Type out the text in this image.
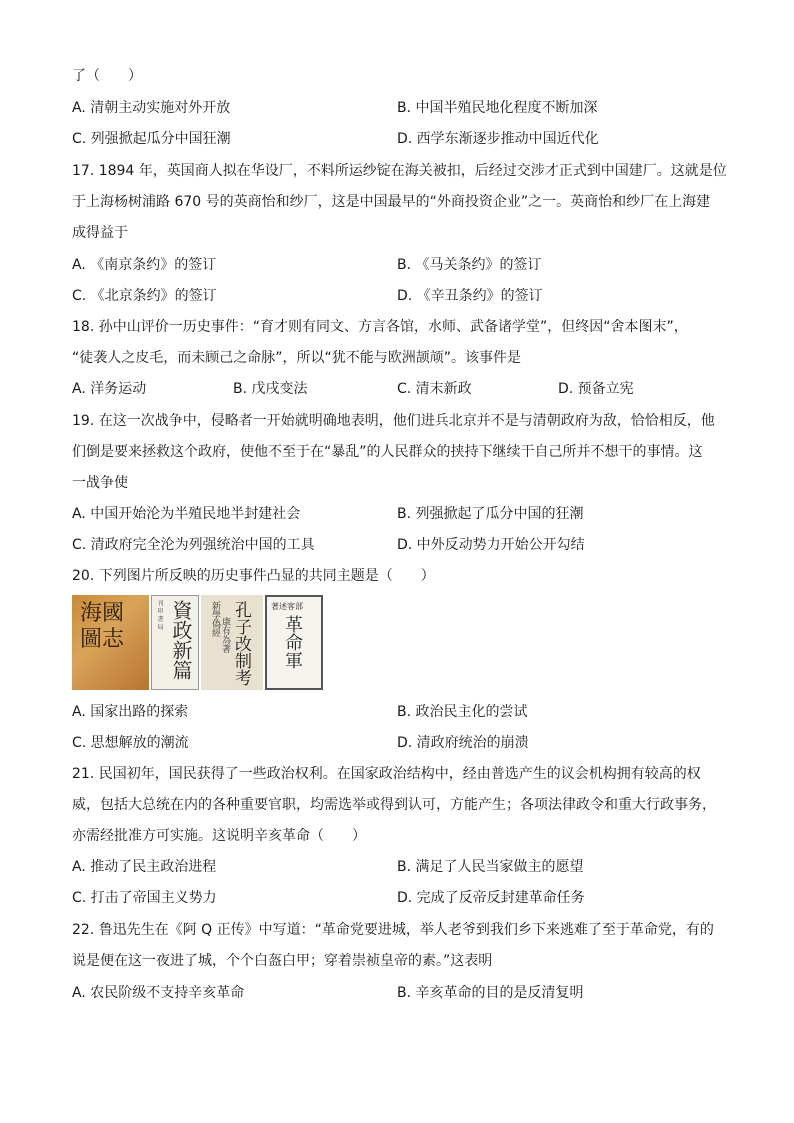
了（　　）
A. 清朝主动实施对外开放	B. 中国半殖民地化程度不断加深
C. 列强掀起瓜分中国狂潮	D. 西学东渐逐步推动中国近代化
17. 1894 年，英国商人拟在华设厂，不料所运纱锭在海关被扣，后经过交涉才正式到中国建厂。这就是位
于上海杨树浦路 670 号的英商怡和纱厂，这是中国最早的“外商投资企业”之一。英商怡和纱厂在上海建
成得益于
A. 《南京条约》的签订	B. 《马关条约》的签订
C. 《北京条约》的签订	D. 《辛丑条约》的签订
18. 孙中山评价一历史事件：“育才则有同文、方言各馆，水师、武备诸学堂”，但终因“舍本图末”，
“徒袭人之皮毛，而未顾己之命脉”，所以“犹不能与欧洲颉颃”。该事件是
A. 洋务运动	B. 戊戌变法	C. 清末新政	D. 预备立宪
19. 在这一次战争中，侵略者一开始就明确地表明，他们进兵北京并不是与清朝政府为敌，恰恰相反，他
们倒是要来拯救这个政府，使他不至于在“暴乱”的人民群众的挟持下继续干自己所并不想干的事情。这
一战争使
A. 中国开始沦为半殖民地半封建社会	B. 列强掀起了瓜分中国的狂潮
C. 清政府完全沦为列强统治中国的工具	D. 中外反动势力开始公开勾结
20. 下列图片所反映的历史事件凸显的共同主题是（　　）
海國圖志
刊 印 書 局 資政新篇 新學偽經 康有為著 孔子改制考	著述客部
革命軍
A. 国家出路的探索	B. 政治民主化的尝试
C. 思想解放的潮流	D. 清政府统治的崩溃
21. 民国初年，国民获得了一些政治权利。在国家政治结构中，经由普选产生的议会机构拥有较高的权
威，包括大总统在内的各种重要官职，均需选举或得到认可，方能产生；各项法律政令和重大行政事务，
亦需经批准方可实施。这说明辛亥革命（　　）
A. 推动了民主政治进程	B. 满足了人民当家做主的愿望
C. 打击了帝国主义势力	D. 完成了反帝反封建革命任务
22. 鲁迅先生在《阿 Q 正传》中写道：“革命党要进城，举人老爷到我们乡下来逃难了至于革命党，有的
说是便在这一夜进了城，个个白盔白甲；穿着崇祯皇帝的素。”这表明
A. 农民阶级不支持辛亥革命	B. 辛亥革命的目的是反清复明
